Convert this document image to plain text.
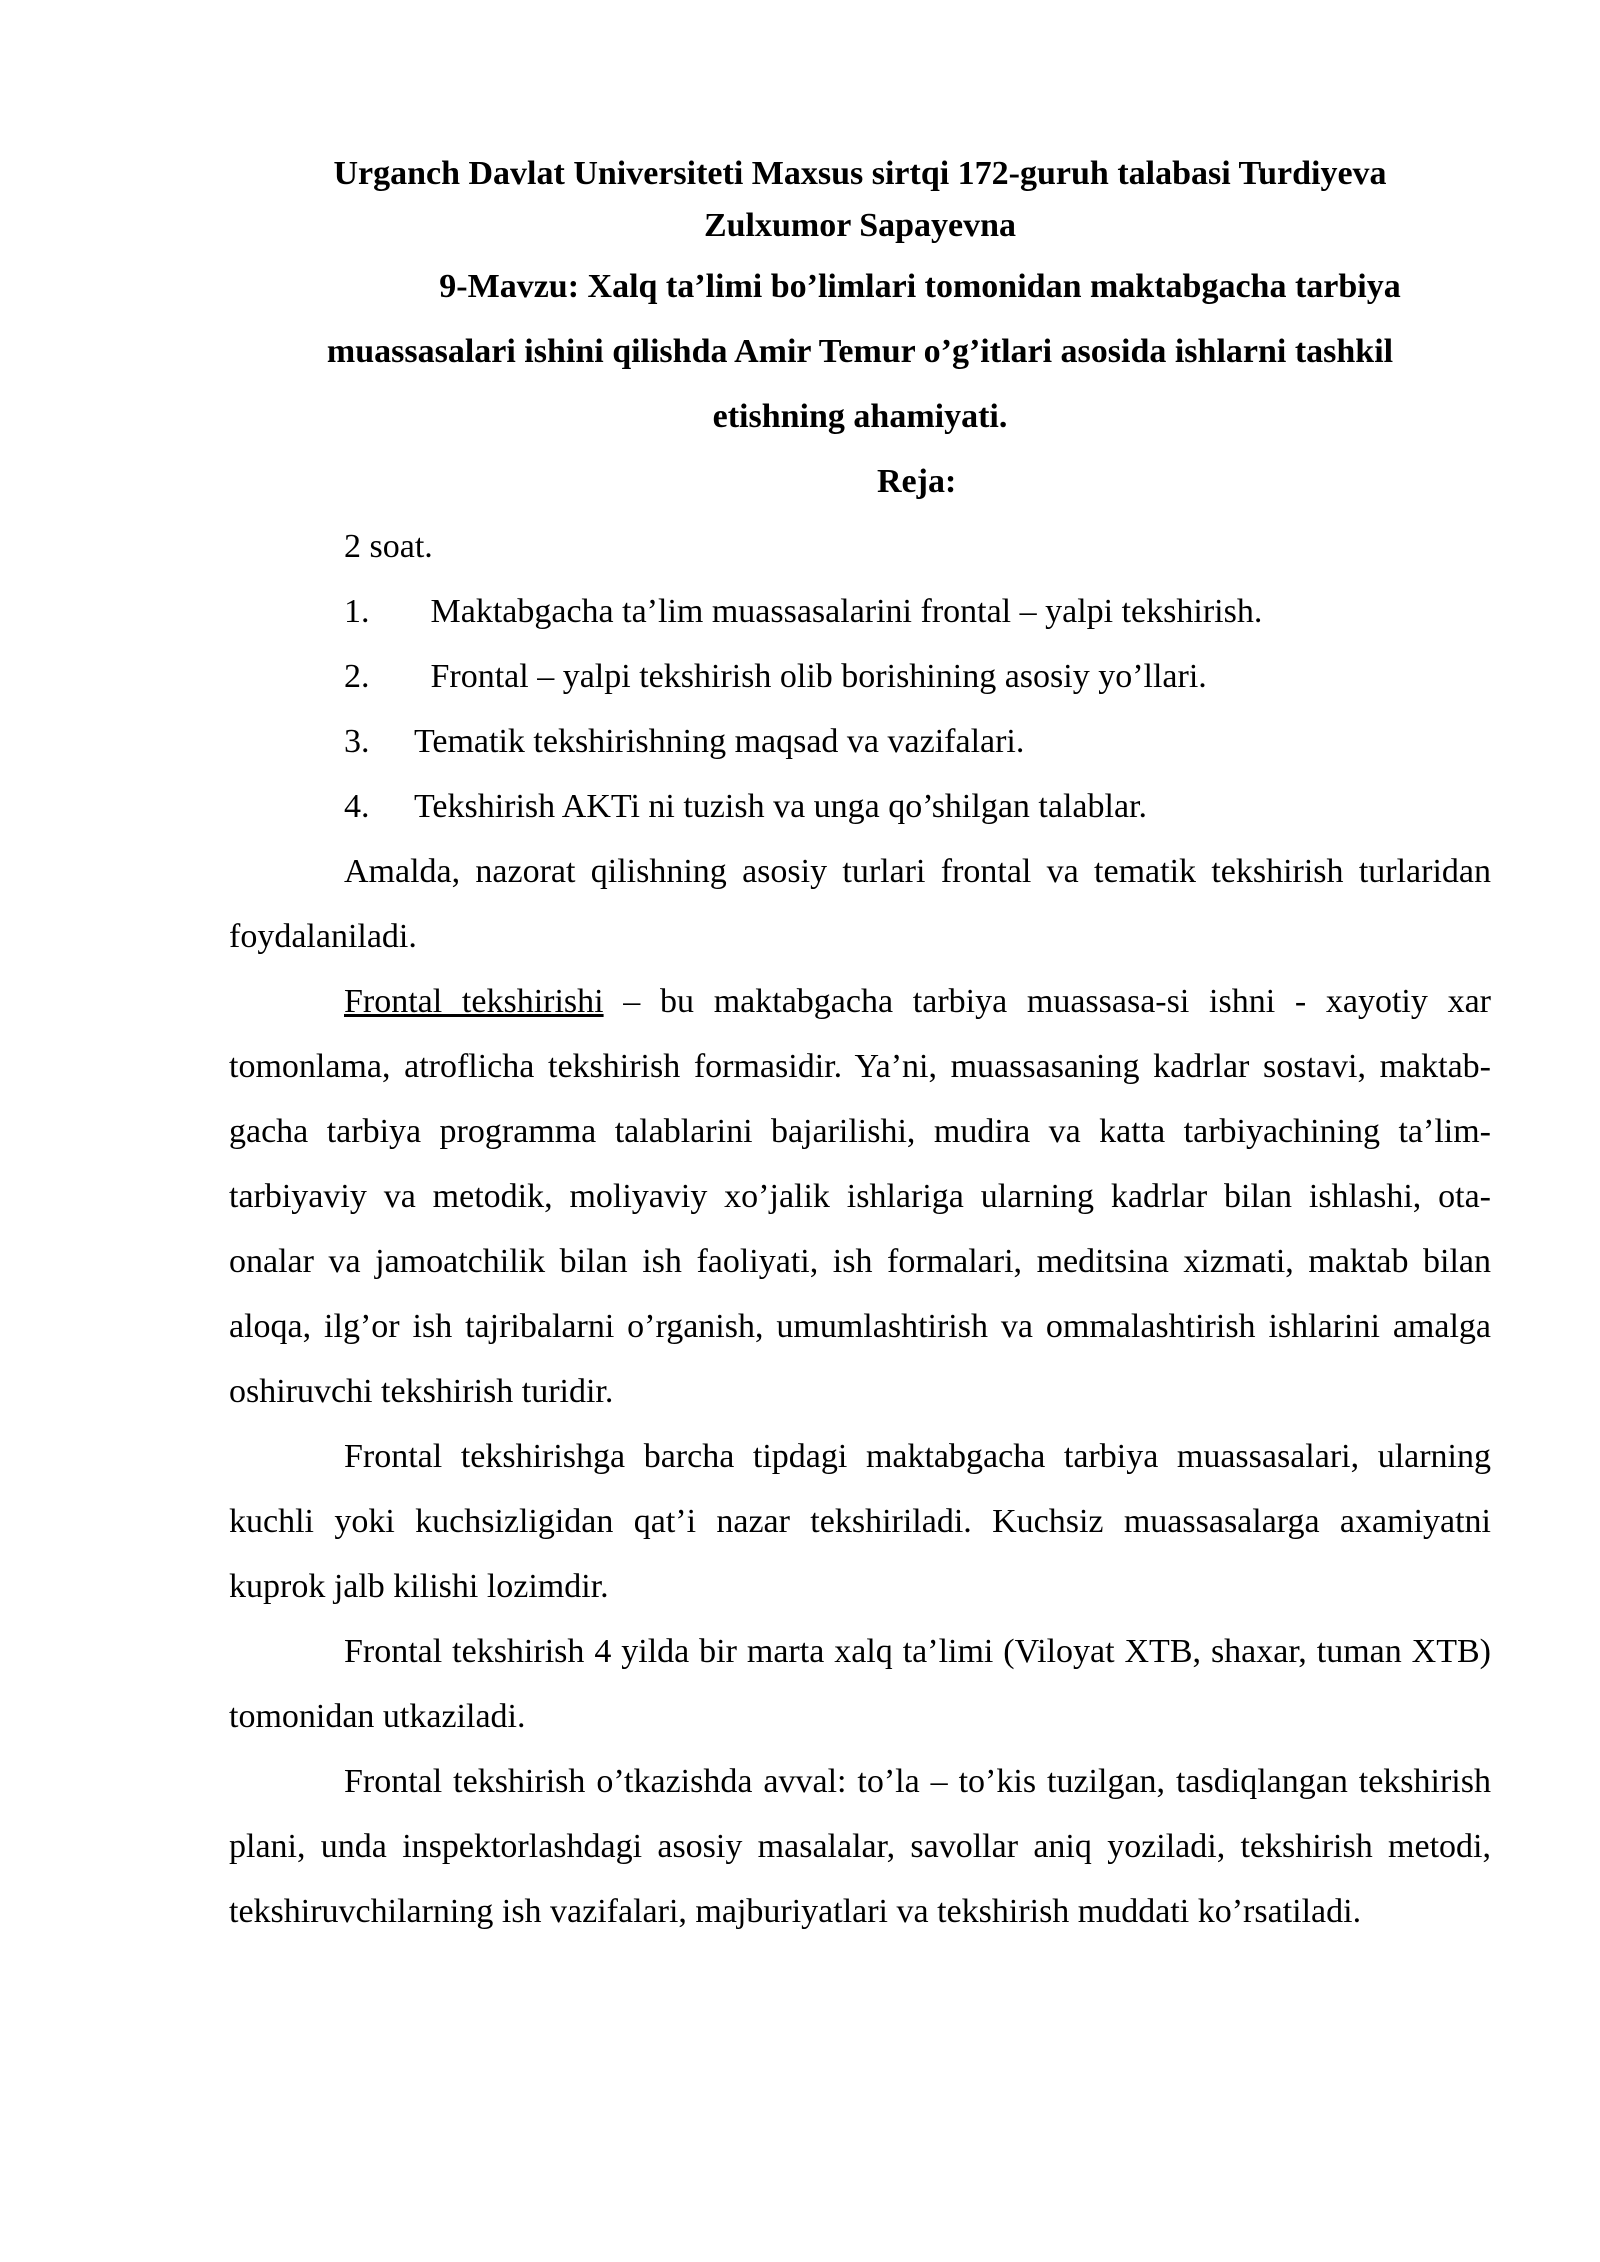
Urganch Davlat Universiteti Maxsus sirtqi 172-guruh talabasi Turdiyeva

Zulxumor Sapayevna

9-Mavzu: Xalq ta’limi bo’limlari tomonidan maktabgacha tarbiya

muassasalari ishini qilishda Amir Temur o’g’itlari asosida ishlarni tashkil

etishning ahamiyati.

Reja:

2 soat.

1.	Maktabgacha ta’lim muassasalarini frontal – yalpi tekshirish.
2.	Frontal – yalpi tekshirish olib borishining asosiy yo’llari.
3.	Tematik tekshirishning maqsad va vazifalari.
4.	Tekshirish AKTi ni tuzish va unga qo’shilgan talablar.

Amalda, nazorat qilishning asosiy turlari frontal va tematik tekshirish turlaridan foydalaniladi.

Frontal tekshirishi – bu maktabgacha tarbiya muassasa-si ishni - xayotiy xar tomonlama, atroflicha tekshirish formasidir. Ya’ni, muassasaning kadrlar sostavi, maktab-gacha tarbiya programma talablarini bajarilishi, mudira va katta tarbiyachining ta’lim-tarbiyaviy va metodik, moliyaviy xo’jalik ishlariga ularning kadrlar bilan ishlashi, ota-onalar va jamoatchilik bilan ish faoliyati, ish formalari, meditsina xizmati, maktab bilan aloqa, ilg’or ish tajribalarni o’rganish, umumlashtirish va ommalashtirish ishlarini amalga oshiruvchi tekshirish turidir.

Frontal tekshirishga barcha tipdagi maktabgacha tarbiya muassasalari, ularning kuchli yoki kuchsizligidan qat’i nazar tekshiriladi. Kuchsiz muassasalarga axamiyatni kuprok jalb kilishi lozimdir.

Frontal tekshirish 4 yilda bir marta xalq ta’limi (Viloyat XTB, shaxar, tuman XTB) tomonidan utkaziladi.

Frontal tekshirish o’tkazishda avval: to’la – to’kis tuzilgan, tasdiqlangan tekshirish plani, unda inspektorlashdagi asosiy masalalar, savollar aniq yoziladi, tekshirish metodi, tekshiruvchilarning ish vazifalari, majburiyatlari va tekshirish muddati ko’rsatiladi.
